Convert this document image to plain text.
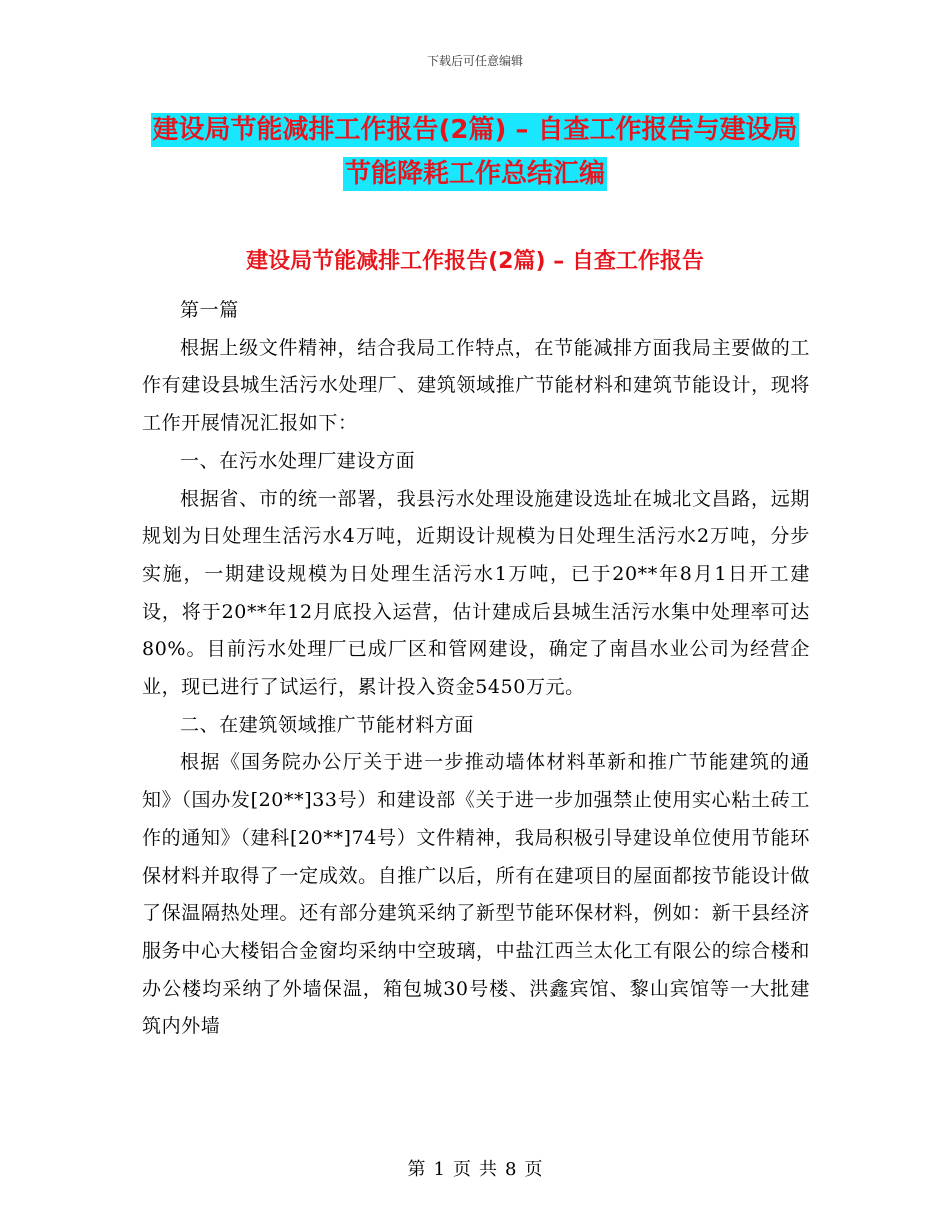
下载后可任意编辑
建设局节能减排工作报告(2篇) – 自查工作报告与建设局节能降耗工作总结汇编
建设局节能减排工作报告(2篇) – 自查工作报告

第一篇

根据上级文件精神，结合我局工作特点，在节能减排方面我局主要做的工作有建设县城生活污水处理厂、建筑领域推广节能材料和建筑节能设计，现将工作开展情况汇报如下：

一、在污水处理厂建设方面

根据省、市的统一部署，我县污水处理设施建设选址在城北文昌路，远期规划为日处理生活污水4万吨，近期设计规模为日处理生活污水2万吨，分步实施，一期建设规模为日处理生活污水1万吨，已于20**年8月1日开工建设，将于20**年12月底投入运营，估计建成后县城生活污水集中处理率可达80%。目前污水处理厂已成厂区和管网建设，确定了南昌水业公司为经营企业，现已进行了试运行，累计投入资金5450万元。

二、在建筑领域推广节能材料方面

根据《国务院办公厅关于进一步推动墙体材料革新和推广节能建筑的通知》（国办发[20**]33号）和建设部《关于进一步加强禁止使用实心粘土砖工作的通知》（建科[20**]74号）文件精神，我局积极引导建设单位使用节能环保材料并取得了一定成效。自推广以后，所有在建项目的屋面都按节能设计做了保温隔热处理。还有部分建筑采纳了新型节能环保材料，例如：新干县经济服务中心大楼铝合金窗均采纳中空玻璃，中盐江西兰太化工有限公的综合楼和办公楼均采纳了外墙保温，箱包城30号楼、洪鑫宾馆、黎山宾馆等一大批建筑内外墙

第 1 页 共 8 页
